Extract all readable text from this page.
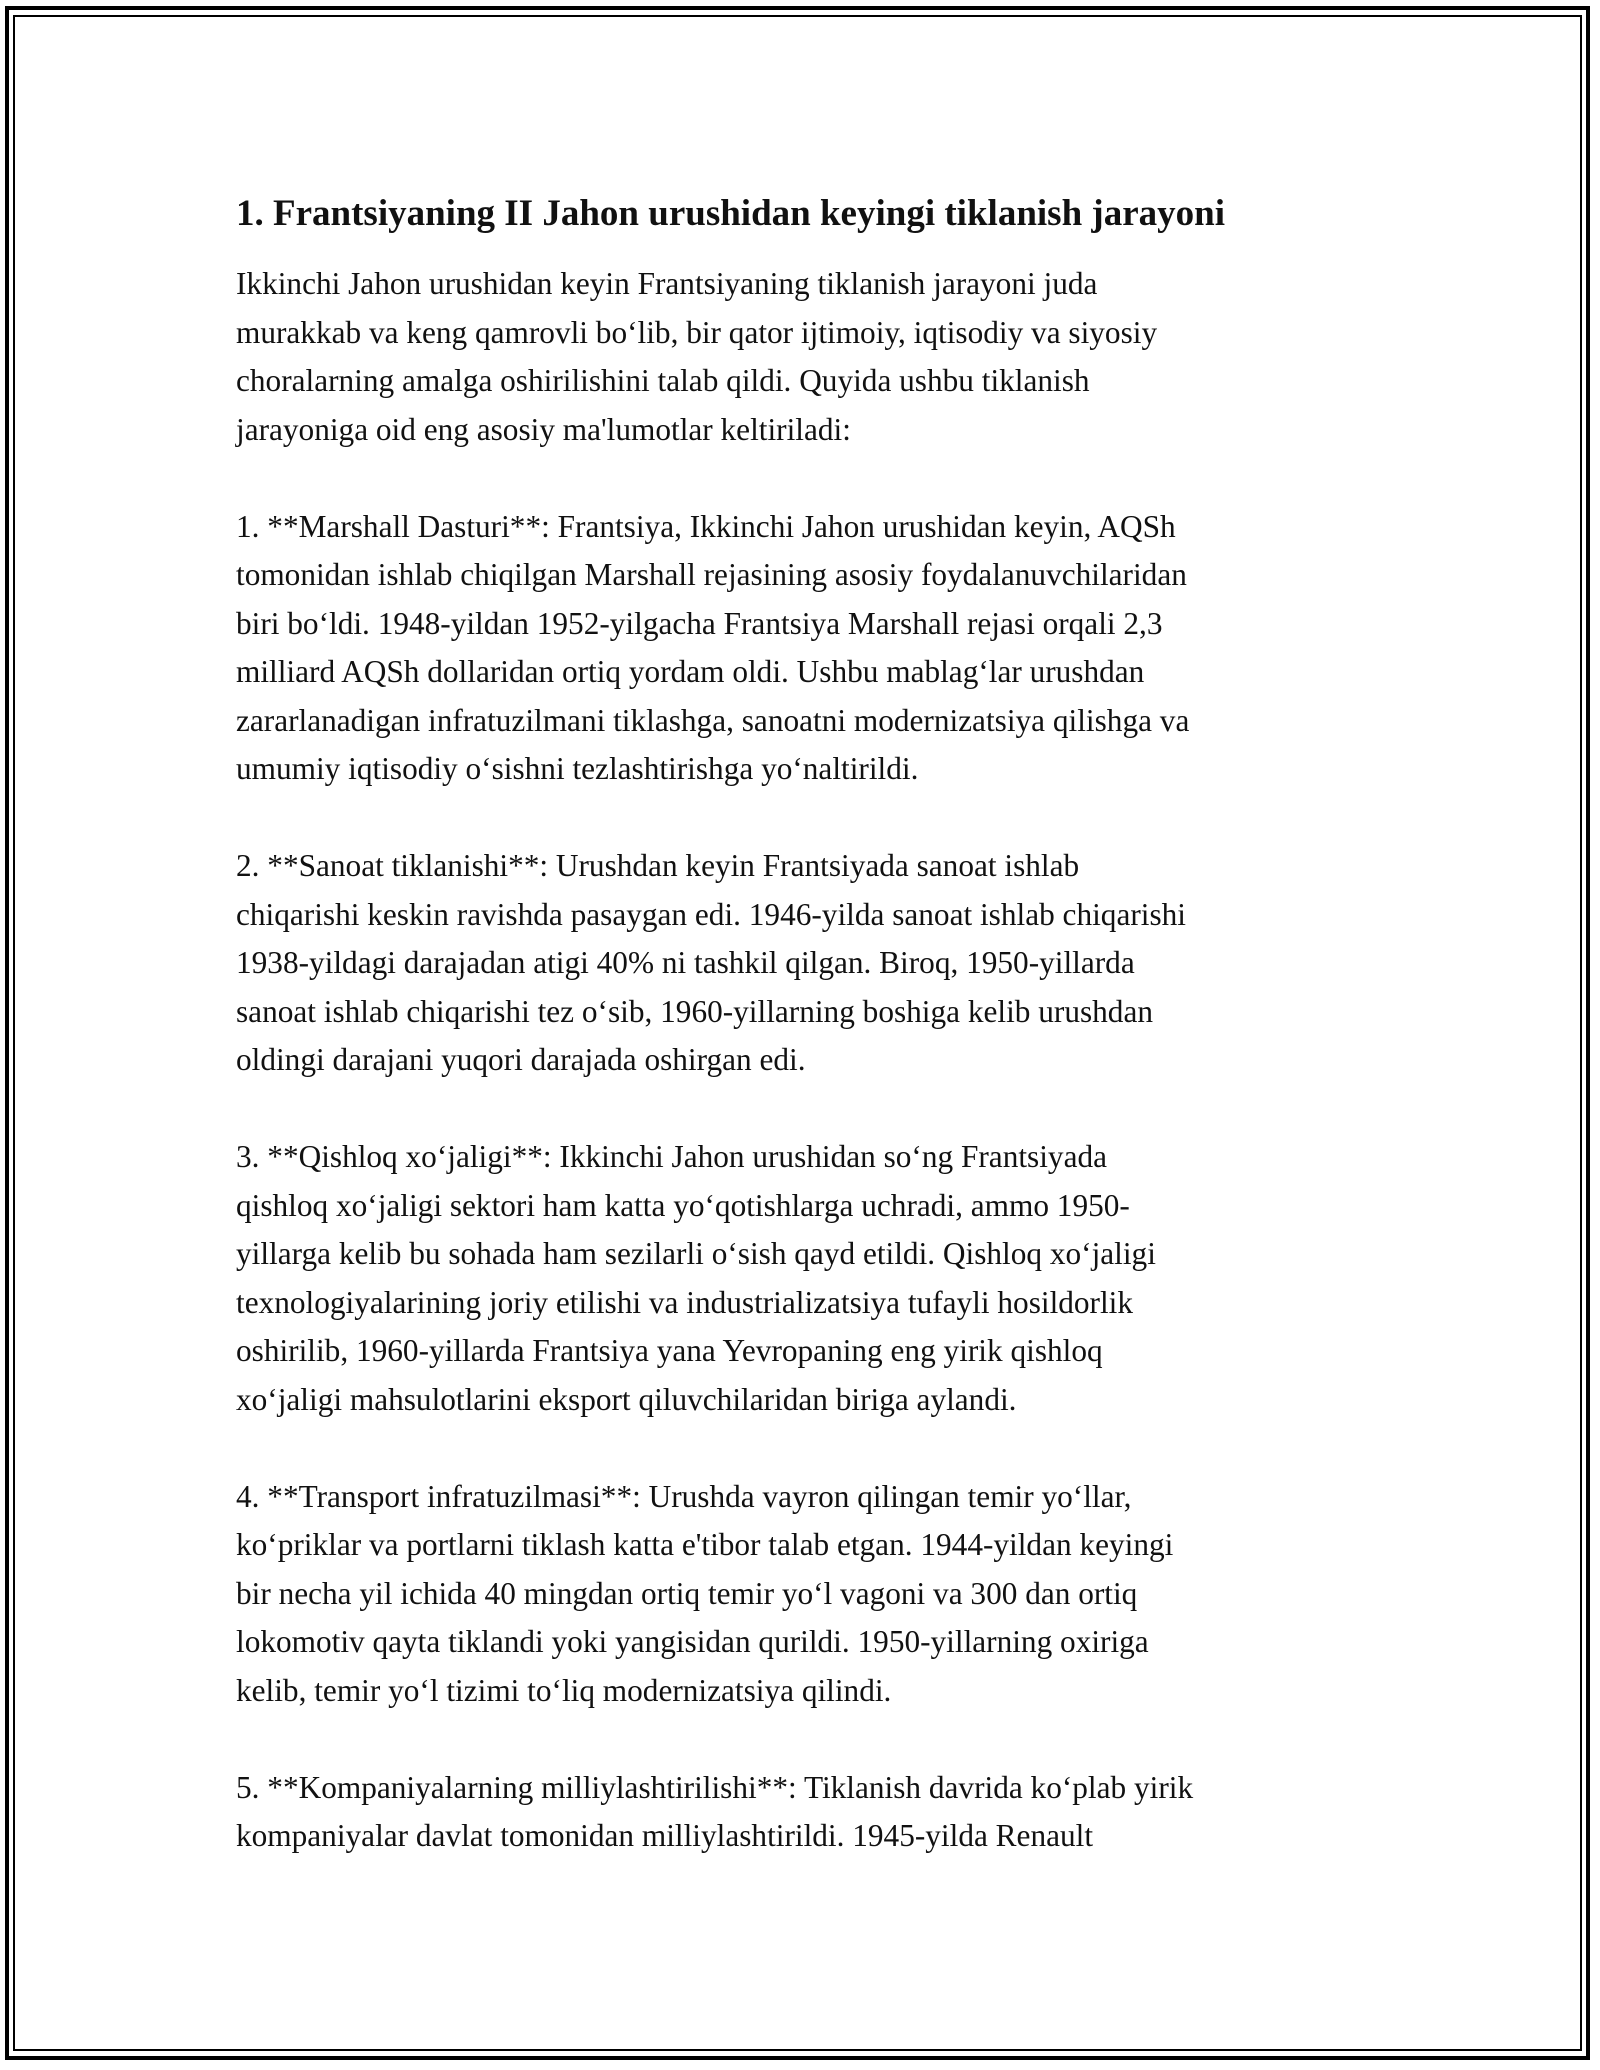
1. Frantsiyaning II Jahon urushidan keyingi tiklanish jarayoni

Ikkinchi Jahon urushidan keyin Frantsiyaning tiklanish jarayoni juda
murakkab va keng qamrovli bo‘lib, bir qator ijtimoiy, iqtisodiy va siyosiy
choralarning amalga oshirilishini talab qildi. Quyida ushbu tiklanish
jarayoniga oid eng asosiy ma'lumotlar keltiriladi:

1. **Marshall Dasturi**: Frantsiya, Ikkinchi Jahon urushidan keyin, AQSh
tomonidan ishlab chiqilgan Marshall rejasining asosiy foydalanuvchilaridan
biri bo‘ldi. 1948-yildan 1952-yilgacha Frantsiya Marshall rejasi orqali 2,3
milliard AQSh dollaridan ortiq yordam oldi. Ushbu mablag‘lar urushdan
zararlanadigan infratuzilmani tiklashga, sanoatni modernizatsiya qilishga va
umumiy iqtisodiy o‘sishni tezlashtirishga yo‘naltirildi.

2. **Sanoat tiklanishi**: Urushdan keyin Frantsiyada sanoat ishlab
chiqarishi keskin ravishda pasaygan edi. 1946-yilda sanoat ishlab chiqarishi
1938-yildagi darajadan atigi 40% ni tashkil qilgan. Biroq, 1950-yillarda
sanoat ishlab chiqarishi tez o‘sib, 1960-yillarning boshiga kelib urushdan
oldingi darajani yuqori darajada oshirgan edi.

3. **Qishloq xo‘jaligi**: Ikkinchi Jahon urushidan so‘ng Frantsiyada
qishloq xo‘jaligi sektori ham katta yo‘qotishlarga uchradi, ammo 1950-
yillarga kelib bu sohada ham sezilarli o‘sish qayd etildi. Qishloq xo‘jaligi
texnologiyalarining joriy etilishi va industrializatsiya tufayli hosildorlik
oshirilib, 1960-yillarda Frantsiya yana Yevropaning eng yirik qishloq
xo‘jaligi mahsulotlarini eksport qiluvchilaridan biriga aylandi.

4. **Transport infratuzilmasi**: Urushda vayron qilingan temir yo‘llar,
ko‘priklar va portlarni tiklash katta e'tibor talab etgan. 1944-yildan keyingi
bir necha yil ichida 40 mingdan ortiq temir yo‘l vagoni va 300 dan ortiq
lokomotiv qayta tiklandi yoki yangisidan qurildi. 1950-yillarning oxiriga
kelib, temir yo‘l tizimi to‘liq modernizatsiya qilindi.

5. **Kompaniyalarning milliylashtirilishi**: Tiklanish davrida ko‘plab yirik
kompaniyalar davlat tomonidan milliylashtirildi. 1945-yilda Renault
